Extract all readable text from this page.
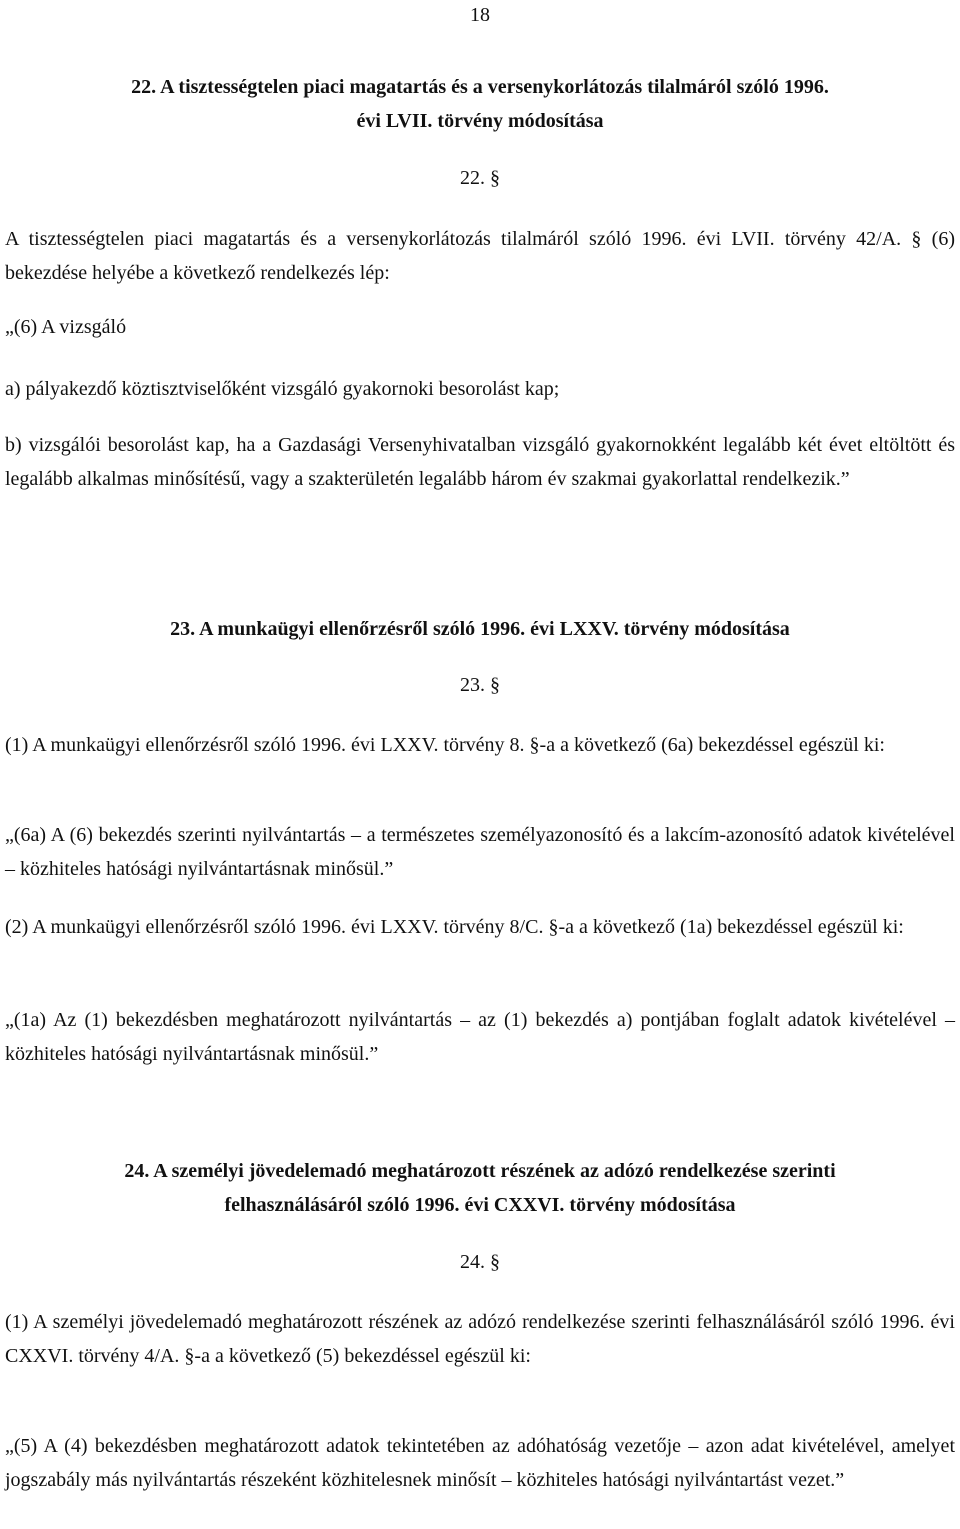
18
22. A tisztességtelen piaci magatartás és a versenykorlátozás tilalmáról szóló 1996.
évi LVII. törvény módosítása

22. §

A tisztességtelen piaci magatartás és a versenykorlátozás tilalmáról szóló 1996. évi LVII. törvény 42/A. § (6) bekezdése helyébe a következő rendelkezés lép:

„(6) A vizsgáló

a) pályakezdő köztisztviselőként vizsgáló gyakornoki besorolást kap;

b) vizsgálói besorolást kap, ha a Gazdasági Versenyhivatalban vizsgáló gyakornokként legalább két évet eltöltött és legalább alkalmas minősítésű, vagy a szakterületén legalább három év szakmai gyakorlattal rendelkezik.”

23. A munkaügyi ellenőrzésről szóló 1996. évi LXXV. törvény módosítása

23. §

(1) A munkaügyi ellenőrzésről szóló 1996. évi LXXV. törvény 8. §-a a következő (6a) bekezdéssel egészül ki:

„(6a) A (6) bekezdés szerinti nyilvántartás – a természetes személyazonosító és a lakcím-azonosító adatok kivételével – közhiteles hatósági nyilvántartásnak minősül.”

(2) A munkaügyi ellenőrzésről szóló 1996. évi LXXV. törvény 8/C. §-a a következő (1a) bekezdéssel egészül ki:

„(1a) Az (1) bekezdésben meghatározott nyilvántartás – az (1) bekezdés a) pontjában foglalt adatok kivételével – közhiteles hatósági nyilvántartásnak minősül.”

24. A személyi jövedelemadó meghatározott részének az adózó rendelkezése szerinti
felhasználásáról szóló 1996. évi CXXVI. törvény módosítása

24. §

(1) A személyi jövedelemadó meghatározott részének az adózó rendelkezése szerinti felhasználásáról szóló 1996. évi CXXVI. törvény 4/A. §-a a következő (5) bekezdéssel egészül ki:

„(5) A (4) bekezdésben meghatározott adatok tekintetében az adóhatóság vezetője – azon adat kivételével, amelyet jogszabály más nyilvántartás részeként közhitelesnek minősít – közhiteles hatósági nyilvántartást vezet.”
